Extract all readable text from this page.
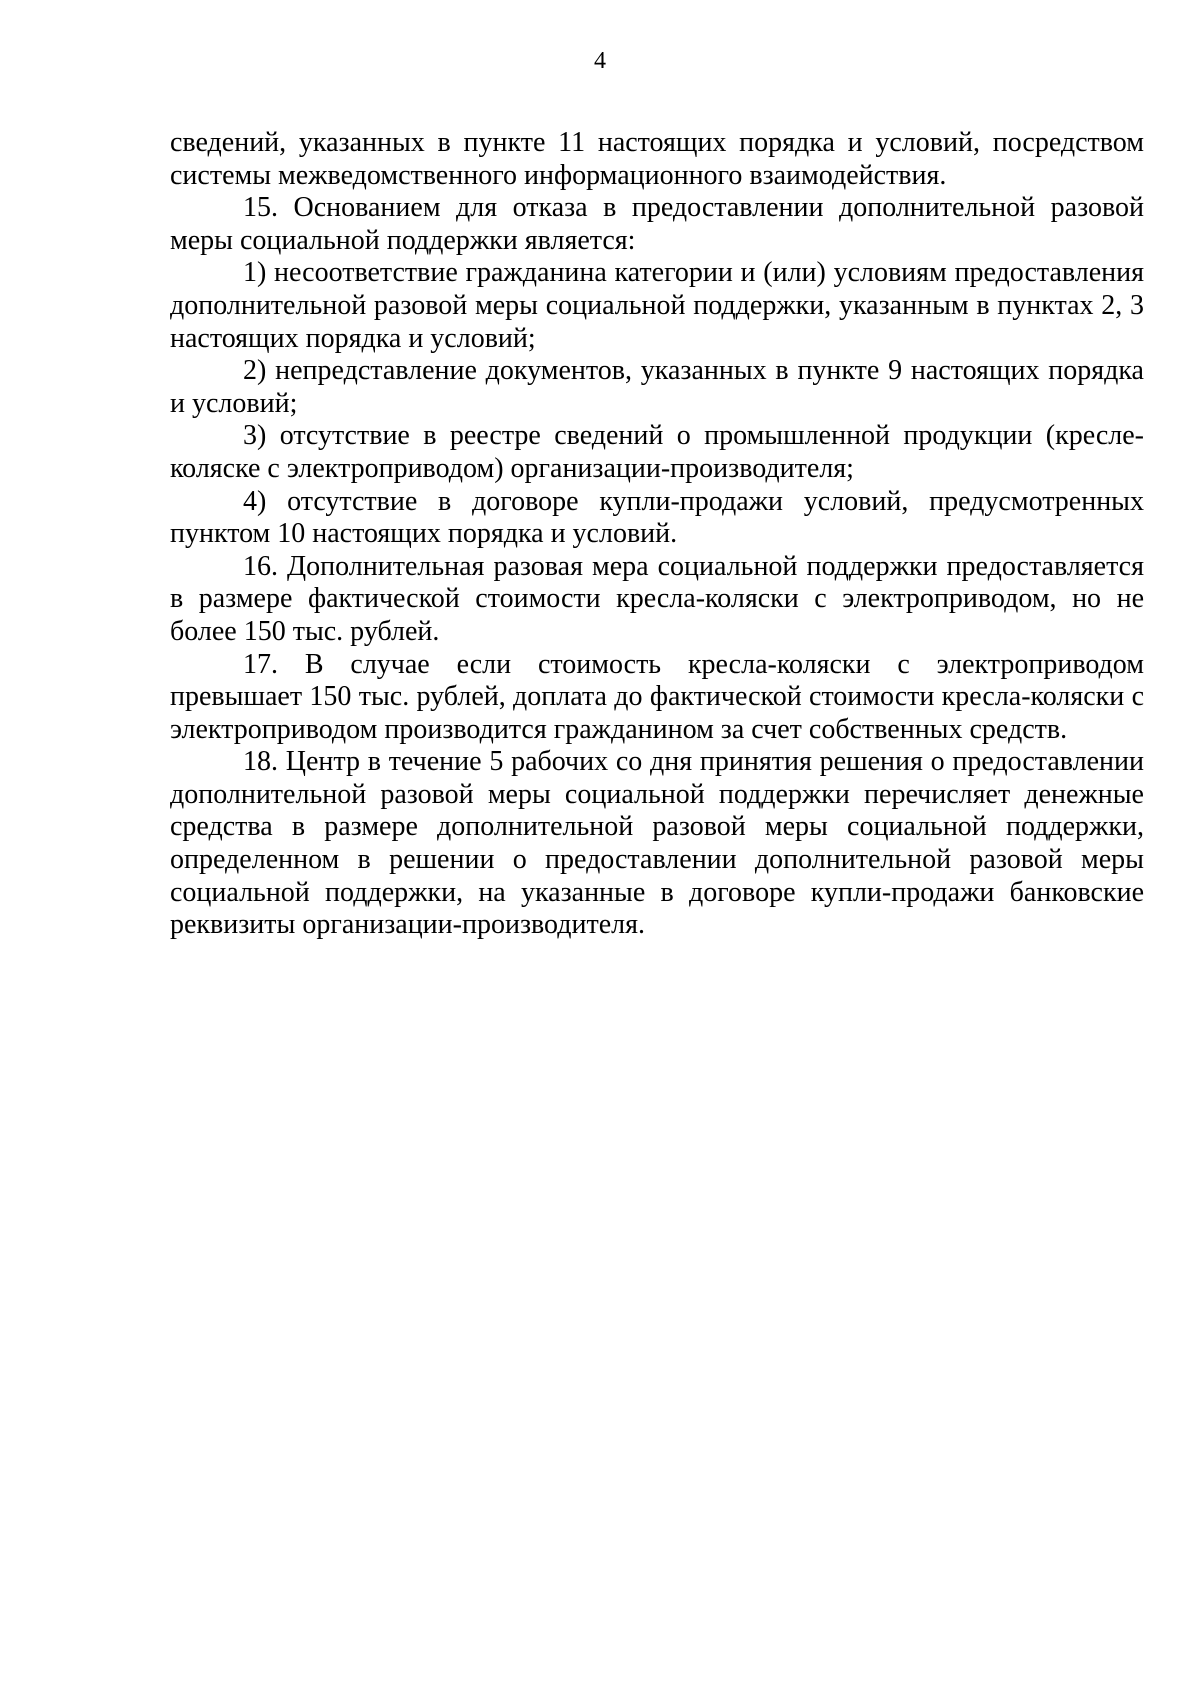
4

сведений, указанных в пункте 11 настоящих порядка и условий, посредством системы межведомственного информационного взаимодействия.

15. Основанием для отказа в предоставлении дополнительной разовой меры социальной поддержки является:

1) несоответствие гражданина категории и (или) условиям предоставления дополнительной разовой меры социальной поддержки, указанным в пунктах 2, 3 настоящих порядка и условий;

2) непредставление документов, указанных в пункте 9 настоящих порядка и условий;

3) отсутствие в реестре сведений о промышленной продукции (кресле-коляске с электроприводом) организации-производителя;

4) отсутствие в договоре купли-продажи условий, предусмотренных пунктом 10 настоящих порядка и условий.

16. Дополнительная разовая мера социальной поддержки предоставляется в размере фактической стоимости кресла-коляски с электроприводом, но не более 150 тыс. рублей.

17. В случае если стоимость кресла-коляски с электроприводом превышает 150 тыс. рублей, доплата до фактической стоимости кресла-коляски с электроприводом производится гражданином за счет собственных средств.

18. Центр в течение 5 рабочих со дня принятия решения о предоставлении дополнительной разовой меры социальной поддержки перечисляет денежные средства в размере дополнительной разовой меры социальной поддержки, определенном в решении о предоставлении дополнительной разовой меры социальной поддержки, на указанные в договоре купли-продажи банковские реквизиты организации-производителя.
